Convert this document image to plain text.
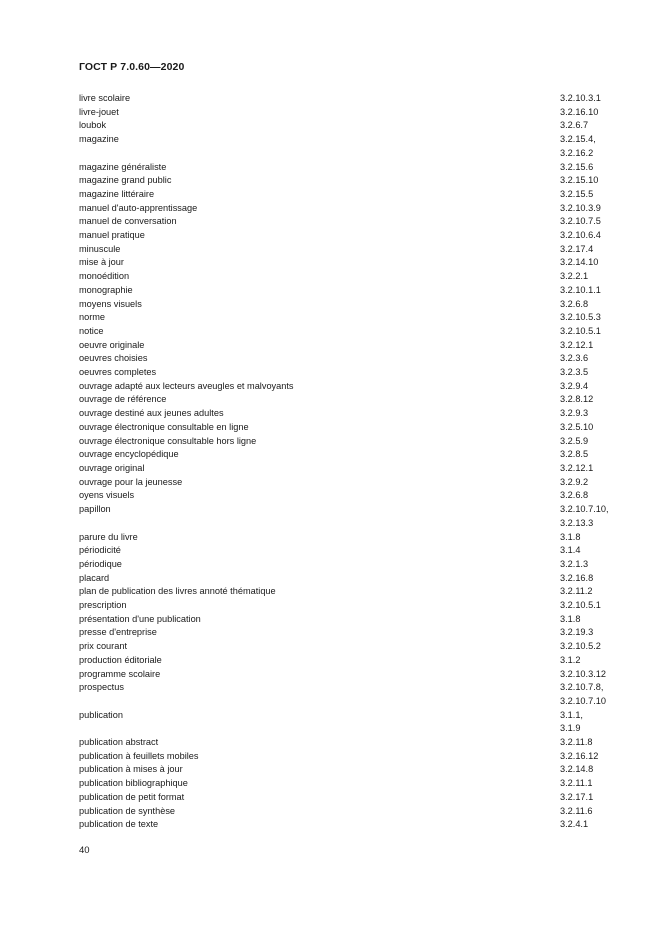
ГОСТ Р 7.0.60—2020
livre scolaire	3.2.10.3.1
livre-jouet	3.2.16.10
loubok	3.2.6.7
magazine	3.2.15.4,
3.2.16.2
magazine généraliste	3.2.15.6
magazine grand public	3.2.15.10
magazine littéraire	3.2.15.5
manuel d'auto-apprentissage	3.2.10.3.9
manuel de conversation	3.2.10.7.5
manuel pratique	3.2.10.6.4
minuscule	3.2.17.4
mise à jour	3.2.14.10
monoédition	3.2.2.1
monographie	3.2.10.1.1
moyens visuels	3.2.6.8
norme	3.2.10.5.3
notice	3.2.10.5.1
oeuvre originale	3.2.12.1
oeuvres choisies	3.2.3.6
oeuvres completes	3.2.3.5
ouvrage adapté aux lecteurs aveugles et malvoyants	3.2.9.4
ouvrage de référence	3.2.8.12
ouvrage destiné aux jeunes adultes	3.2.9.3
ouvrage électronique consultable en ligne	3.2.5.10
ouvrage électronique consultable hors ligne	3.2.5.9
ouvrage encyclopédique	3.2.8.5
ouvrage original	3.2.12.1
ouvrage pour la jeunesse	3.2.9.2
oyens visuels	3.2.6.8
papillon	3.2.10.7.10,
3.2.13.3
parure du livre	3.1.8
périodicité	3.1.4
périodique	3.2.1.3
placard	3.2.16.8
plan de publication des livres annoté thématique	3.2.11.2
prescription	3.2.10.5.1
présentation d'une publication	3.1.8
presse d'entreprise	3.2.19.3
prix courant	3.2.10.5.2
production éditoriale	3.1.2
programme scolaire	3.2.10.3.12
prospectus	3.2.10.7.8,
3.2.10.7.10
publication	3.1.1,
3.1.9
publication abstract	3.2.11.8
publication à feuillets mobiles	3.2.16.12
publication à mises à jour	3.2.14.8
publication bibliographique	3.2.11.1
publication de petit format	3.2.17.1
publication de synthèse	3.2.11.6
publication de texte	3.2.4.1
40
